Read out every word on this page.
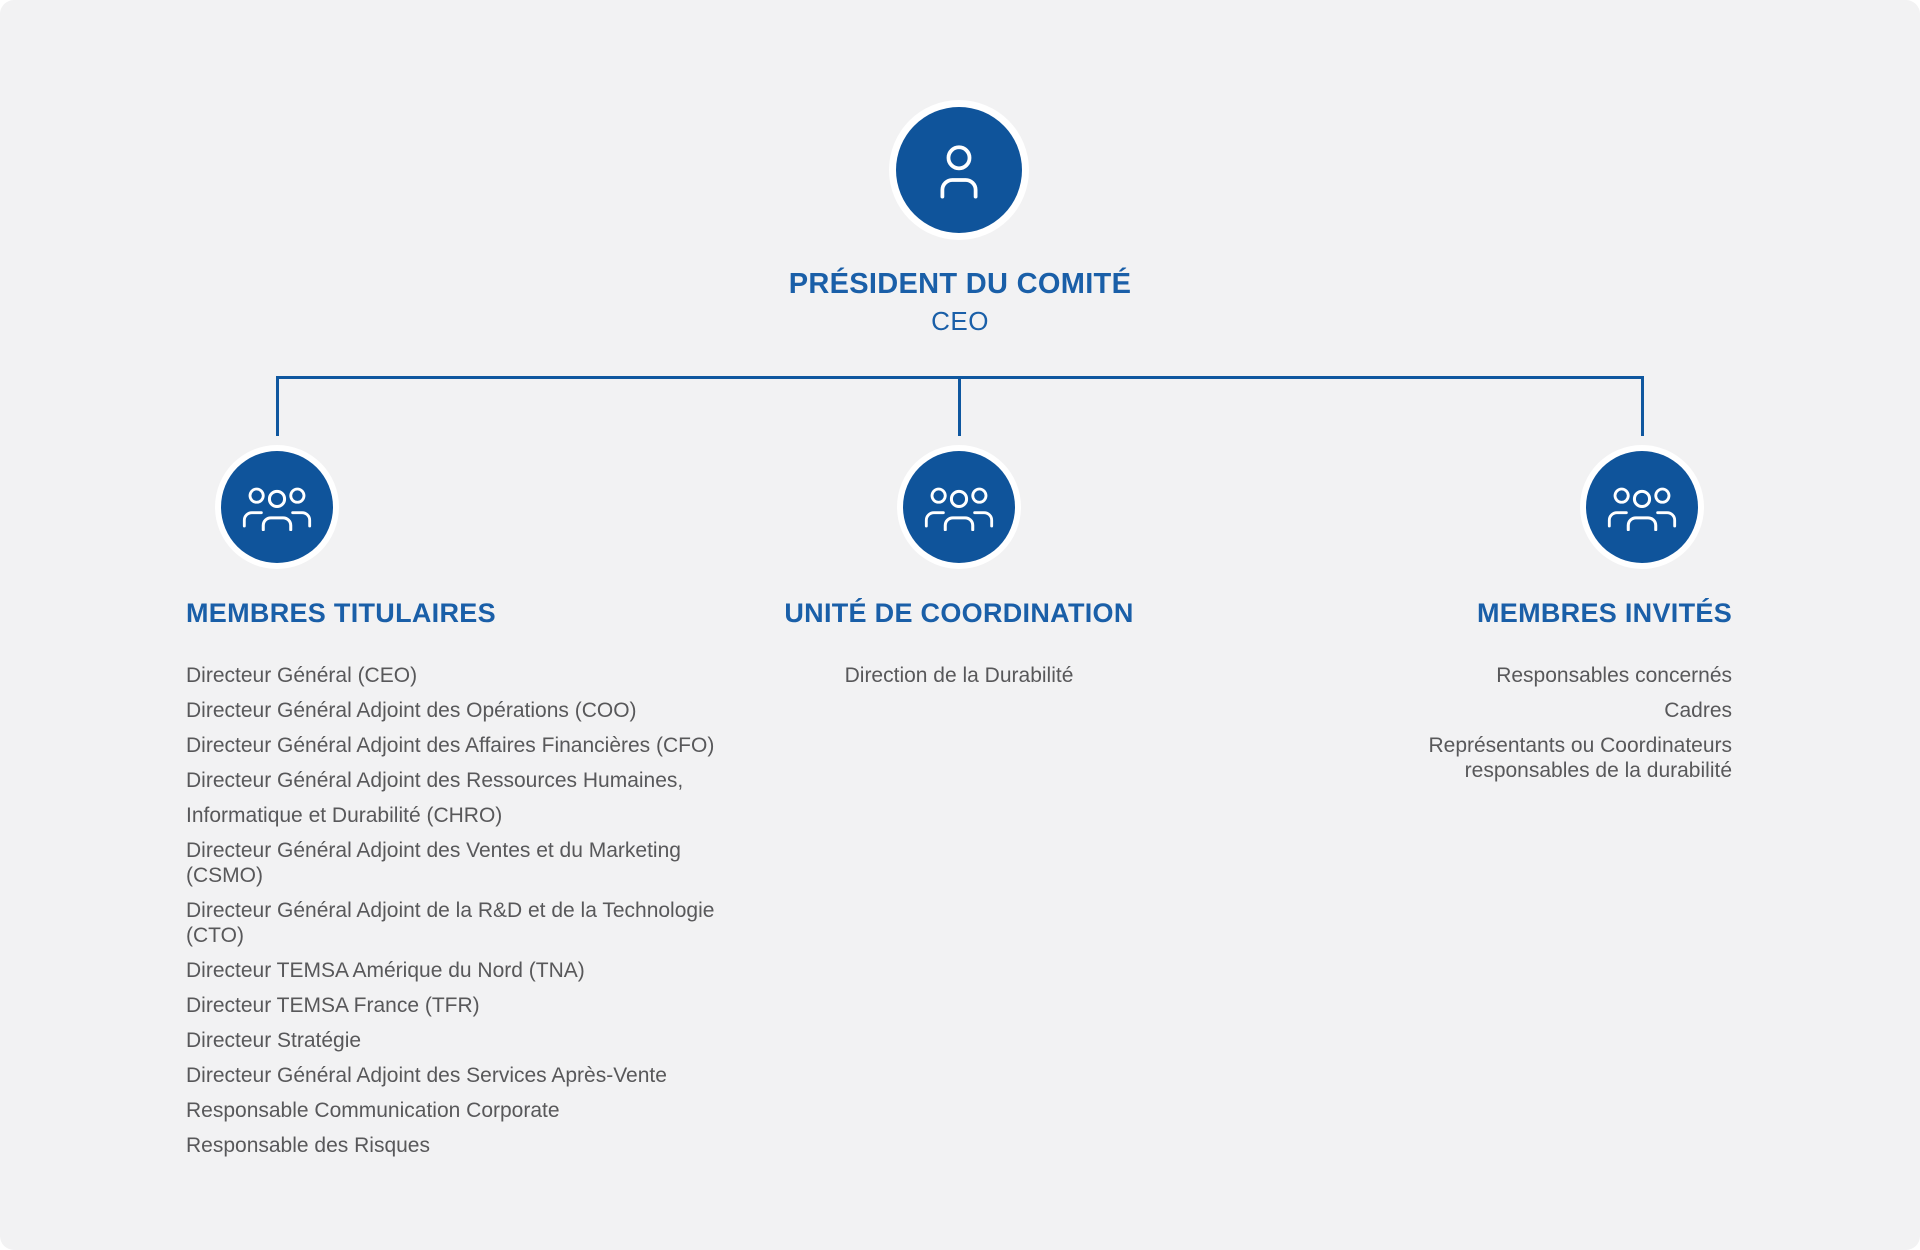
PRÉSIDENT DU COMITÉ
CEO
MEMBRES TITULAIRES	UNITÉ DE COORDINATION	MEMBRES INVITÉS
Directeur Général (CEO)
Directeur Général Adjoint des Opérations (COO)
Directeur Général Adjoint des Affaires Financières (CFO)
Directeur Général Adjoint des Ressources Humaines,
Informatique et Durabilité (CHRO)
Directeur Général Adjoint des Ventes et du Marketing (CSMO)
Directeur Général Adjoint de la R&D et de la Technologie (CTO)
Directeur TEMSA Amérique du Nord (TNA)
Directeur TEMSA France (TFR)
Directeur Stratégie
Directeur Général Adjoint des Services Après-Vente
Responsable Communication Corporate
Responsable des Risques
Direction de la Durabilité	Responsables concernés
Cadres
Représentants ou Coordinateurs responsables de la durabilité
